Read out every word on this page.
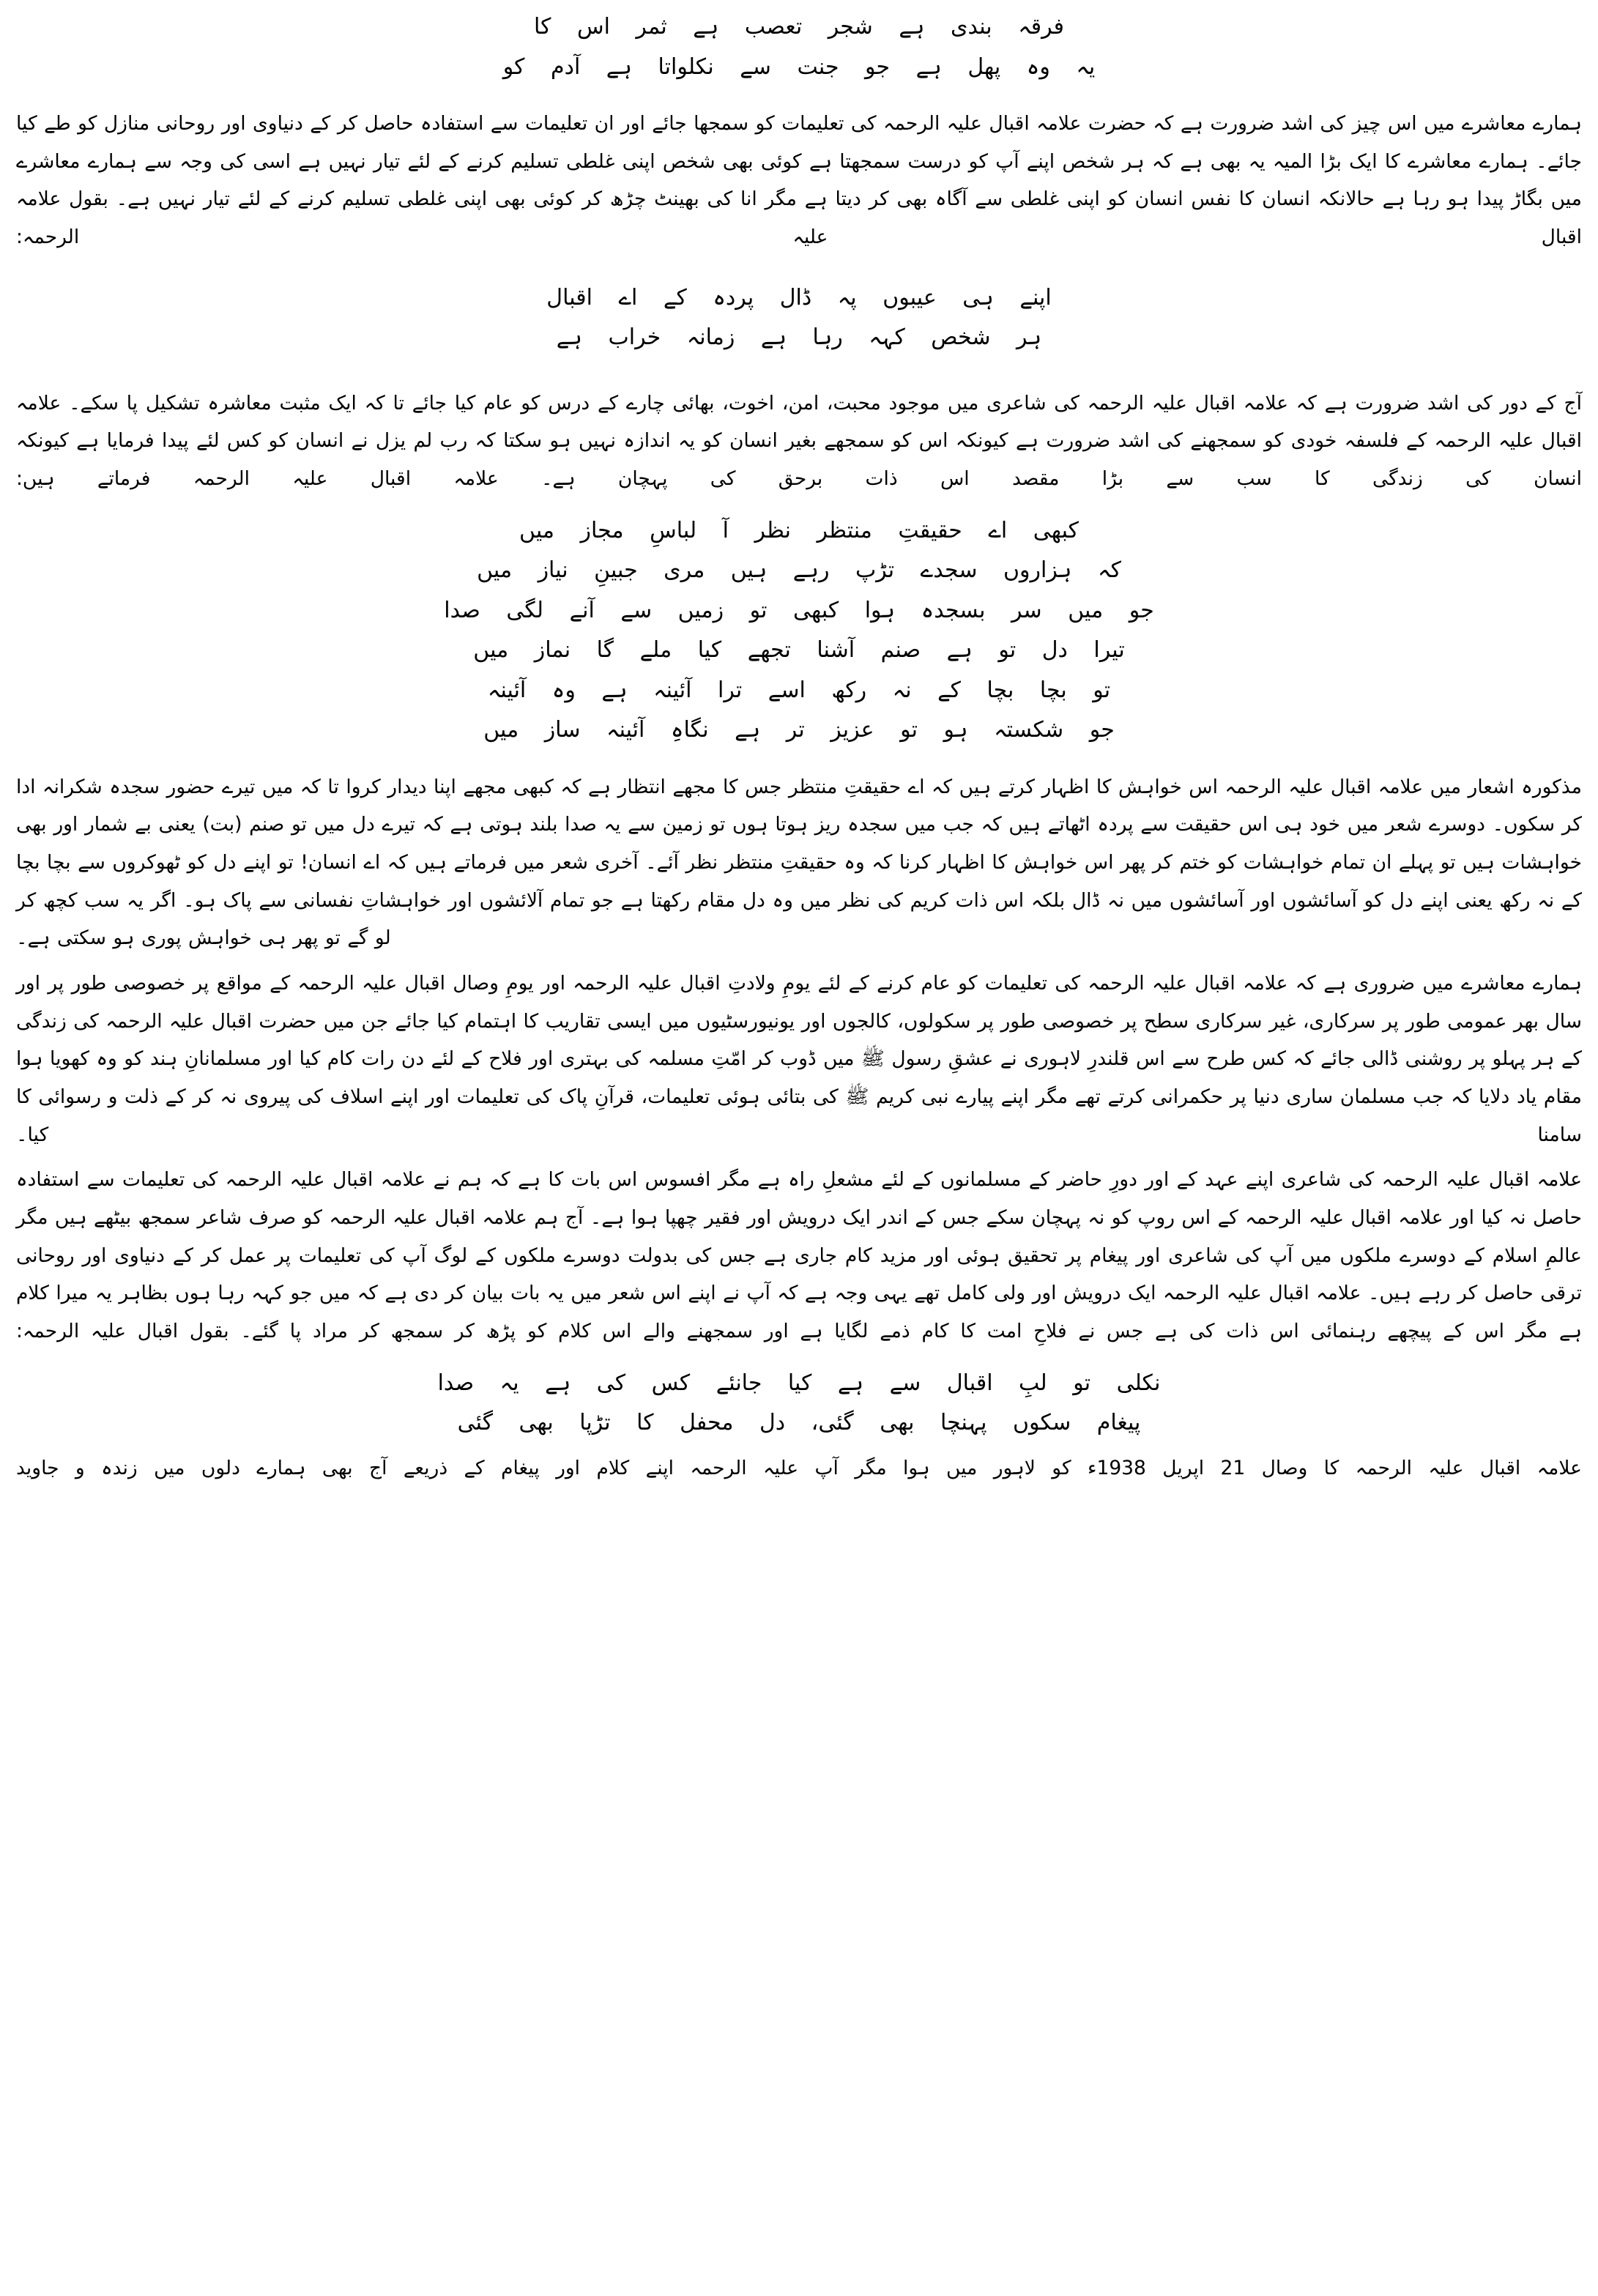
فرقہ بندی ہے شجر تعصب ہے ثمر اس کا
یہ وہ پھل ہے جو جنت سے نکلواتا ہے آدم کو

ہمارے معاشرے میں اس چیز کی اشد ضرورت ہے کہ حضرت علامہ اقبال علیہ الرحمہ کی تعلیمات کو سمجھا جائے اور ان تعلیمات سے استفادہ حاصل کر کے دنیاوی اور روحانی منازل کو طے کیا جائے۔ ہمارے معاشرے کا ایک بڑا المیہ یہ بھی ہے کہ ہر شخص اپنے آپ کو درست سمجھتا ہے کوئی بھی شخص اپنی غلطی تسلیم کرنے کے لئے تیار نہیں ہے اسی کی وجہ سے ہمارے معاشرے میں بگاڑ پیدا ہو رہا ہے حالانکہ انسان کا نفس انسان کو اپنی غلطی سے آگاہ بھی کر دیتا ہے مگر انا کی بھینٹ چڑھ کر کوئی بھی اپنی غلطی تسلیم کرنے کے لئے تیار نہیں ہے۔ بقول علامہ اقبال علیہ الرحمہ:

اپنے ہی عیبوں پہ ڈال پردہ کے اے اقبال
ہر شخص کہہ رہا ہے زمانہ خراب ہے

آج کے دور کی اشد ضرورت ہے کہ علامہ اقبال علیہ الرحمہ کی شاعری میں موجود محبت، امن، اخوت، بھائی چارے کے درس کو عام کیا جائے تا کہ ایک مثبت معاشرہ تشکیل پا سکے۔ علامہ اقبال علیہ الرحمہ کے فلسفہ خودی کو سمجھنے کی اشد ضرورت ہے کیونکہ اس کو سمجھے بغیر انسان کو یہ اندازہ نہیں ہو سکتا کہ رب لم یزل نے انسان کو کس لئے پیدا فرمایا ہے کیونکہ انسان کی زندگی کا سب سے بڑا مقصد اس ذات برحق کی پہچان ہے۔ علامہ اقبال علیہ الرحمہ فرماتے ہیں:

کبھی اے حقیقتِ منتظر نظر آ لباسِ مجاز میں
کہ ہزاروں سجدے تڑپ رہے ہیں مری جبینِ نیاز میں
جو میں سر بسجدہ ہوا کبھی تو زمیں سے آنے لگی صدا
تیرا دل تو ہے صنم آشنا تجھے کیا ملے گا نماز میں
تو بچا بچا کے نہ رکھ اسے ترا آئینہ ہے وہ آئینہ
جو شکستہ ہو تو عزیز تر ہے نگاہِ آئینہ ساز میں

مذکورہ اشعار میں علامہ اقبال علیہ الرحمہ اس خواہش کا اظہار کرتے ہیں کہ اے حقیقتِ منتظر جس کا مجھے انتظار ہے کہ کبھی مجھے اپنا دیدار کروا تا کہ میں تیرے حضور سجدہ شکرانہ ادا کر سکوں۔ دوسرے شعر میں خود ہی اس حقیقت سے پردہ اٹھاتے ہیں کہ جب میں سجدہ ریز ہوتا ہوں تو زمین سے یہ صدا بلند ہوتی ہے کہ تیرے دل میں تو صنم (بت) یعنی بے شمار اور بھی خواہشات ہیں تو پہلے ان تمام خواہشات کو ختم کر پھر اس خواہش کا اظہار کرنا کہ وہ حقیقتِ منتظر نظر آئے۔ آخری شعر میں فرماتے ہیں کہ اے انسان! تو اپنے دل کو ٹھوکروں سے بچا بچا کے نہ رکھ یعنی اپنے دل کو آسائشوں اور آسائشوں میں نہ ڈال بلکہ اس ذات کریم کی نظر میں وہ دل مقام رکھتا ہے جو تمام آلائشوں اور خواہشاتِ نفسانی سے پاک ہو۔ اگر یہ سب کچھ کر لو گے تو پھر ہی خواہش پوری ہو سکتی ہے۔

ہمارے معاشرے میں ضروری ہے کہ علامہ اقبال علیہ الرحمہ کی تعلیمات کو عام کرنے کے لئے یومِ ولادتِ اقبال علیہ الرحمہ اور یومِ وصال اقبال علیہ الرحمہ کے مواقع پر خصوصی طور پر اور سال بھر عمومی طور پر سرکاری، غیر سرکاری سطح پر خصوصی طور پر سکولوں، کالجوں اور یونیورسٹیوں میں ایسی تقاریب کا اہتمام کیا جائے جن میں حضرت اقبال علیہ الرحمہ کی زندگی کے ہر پہلو پر روشنی ڈالی جائے کہ کس طرح سے اس قلندرِ لاہوری نے عشقِ رسول ﷺ میں ڈوب کر امّتِ مسلمہ کی بہتری اور فلاح کے لئے دن رات کام کیا اور مسلمانانِ ہند کو وہ کھویا ہوا مقام یاد دلایا کہ جب مسلمان ساری دنیا پر حکمرانی کرتے تھے مگر اپنے پیارے نبی کریم ﷺ کی بتائی ہوئی تعلیمات، قرآنِ پاک کی تعلیمات اور اپنے اسلاف کی پیروی نہ کر کے ذلت و رسوائی کا سامنا کیا۔

علامہ اقبال علیہ الرحمہ کی شاعری اپنے عہد کے اور دورِ حاضر کے مسلمانوں کے لئے مشعلِ راہ ہے مگر افسوس اس بات کا ہے کہ ہم نے علامہ اقبال علیہ الرحمہ کی تعلیمات سے استفادہ حاصل نہ کیا اور علامہ اقبال علیہ الرحمہ کے اس روپ کو نہ پہچان سکے جس کے اندر ایک درویش اور فقیر چھپا ہوا ہے۔ آج ہم علامہ اقبال علیہ الرحمہ کو صرف شاعر سمجھ بیٹھے ہیں مگر عالمِ اسلام کے دوسرے ملکوں میں آپ کی شاعری اور پیغام پر تحقیق ہوئی اور مزید کام جاری ہے جس کی بدولت دوسرے ملکوں کے لوگ آپ کی تعلیمات پر عمل کر کے دنیاوی اور روحانی ترقی حاصل کر رہے ہیں۔ علامہ اقبال علیہ الرحمہ ایک درویش اور ولی کامل تھے یہی وجہ ہے کہ آپ نے اپنے اس شعر میں یہ بات بیان کر دی ہے کہ میں جو کہہ رہا ہوں بظاہر یہ میرا کلام ہے مگر اس کے پیچھے رہنمائی اس ذات کی ہے جس نے فلاحِ امت کا کام ذمے لگایا ہے اور سمجھنے والے اس کلام کو پڑھ کر سمجھ کر مراد پا گئے۔ بقول اقبال علیہ الرحمہ:

نکلی تو لبِ اقبال سے ہے کیا جانئے کس کی ہے یہ صدا
پیغام سکوں پہنچا بھی گئی، دل محفل کا تڑپا بھی گئی

علامہ اقبال علیہ الرحمہ کا وصال 21 اپریل 1938ء کو لاہور میں ہوا مگر آپ علیہ الرحمہ اپنے کلام اور پیغام کے ذریعے آج بھی ہمارے دلوں میں زندہ و جاوید
